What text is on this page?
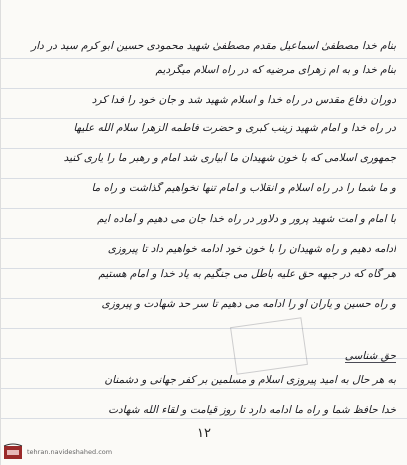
بنام خدا مصطفیٰ اسماعیل مقدم مصطفیٰ شهید محمودی حسین ابو کرم سید در دار
بنام خدا و به ام زهرای مرضیه که در راه اسلام میگردیم
دوران دفاع مقدس در راه خدا و اسلام شهید شد و جان خود را فدا کرد
در راه خدا و امام شهید زینب کبری و حضرت فاطمه الزهرا سلام الله علیها
جمهوری اسلامی که با خون شهیدان ما آبیاری شد امام و رهبر ما را یاری کنید
و ما شما را در راه اسلام و انقلاب و امام تنها نخواهیم گذاشت و راه ما
با امام و امت شهید پرور و دلاور در راه خدا جان می دهیم و آماده ایم
ادامه دهیم و راه شهیدان را با خون خود ادامه خواهیم داد تا پیروزی
هر گاه که در جبهه حق علیه باطل می جنگیم به یاد خدا و امام هستیم
و راه حسین و یاران او را ادامه می دهیم تا سر حد شهادت و پیروزی
حق شناسی
به هر حال به امید پیروزی اسلام و مسلمین بر کفر جهانی و دشمنان
خدا حافظ شما و راه ما ادامه دارد تا روز قیامت و لقاء الله شهادت
۱۲
tehran.navideshahed.com
